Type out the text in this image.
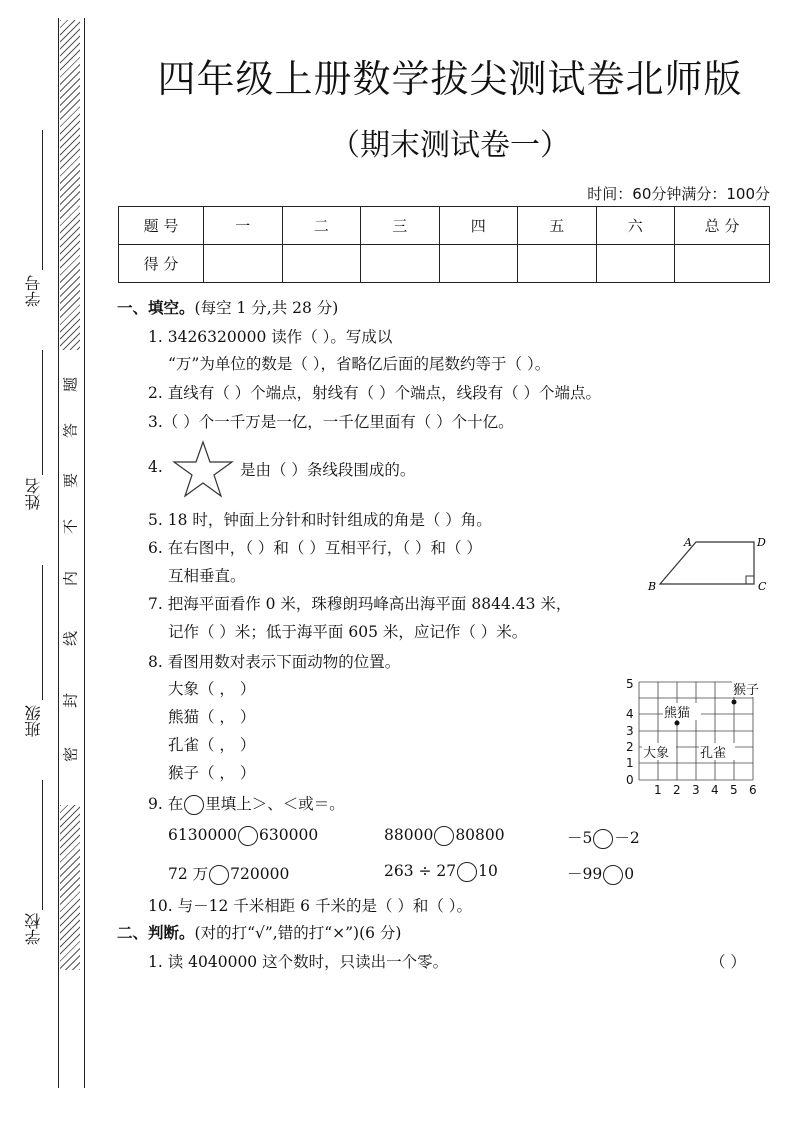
学号
姓名
班级
学校
密
封
线
内
不
要
答
题
四年级上册数学拔尖测试卷北师版
（期末测试卷一）
时间：60分钟满分：100分
题 号	一	二	三	四	五	六	总 分
得 分							
一、填空。(每空 1 分,共 28 分)
1. 3426320000 读作（ ）。写成以
“万”为单位的数是（ ），省略亿后面的尾数约等于（ ）。
2. 直线有（ ）个端点，射线有（ ）个端点，线段有（ ）个端点。
3.（ ）个一千万是一亿，一千亿里面有（ ）个十亿。
4.	是由（ ）条线段围成的。
5. 18 时，钟面上分针和时针组成的角是（ ）角。
6. 在右图中，（ ）和（ ）互相平行，（ ）和（ ）
互相垂直。
A	D
B	C
7. 把海平面看作 0 米，珠穆朗玛峰高出海平面 8844.43 米，
记作（ ）米；低于海平面 605 米，应记作（ ）米。
8. 看图用数对表示下面动物的位置。
大象（ ， ）
熊猫（ ， ）
孔雀（ ， ）
猴子（ ， ）
1 2 3 4 5 6
0
1
2
3
4
5
大象
熊猫
孔雀
猴子
9. 在 里填上＞、＜或＝。
6130000 630000	88000 80800	－5 －2
72 万 720000	263 ÷ 27 10	－99 0
10. 与－12 千米相距 6 千米的是（ ）和（ ）。
二、判断。(对的打“√”,错的打“×”)(6 分)
1. 读 4040000 这个数时，只读出一个零。	（ ）
